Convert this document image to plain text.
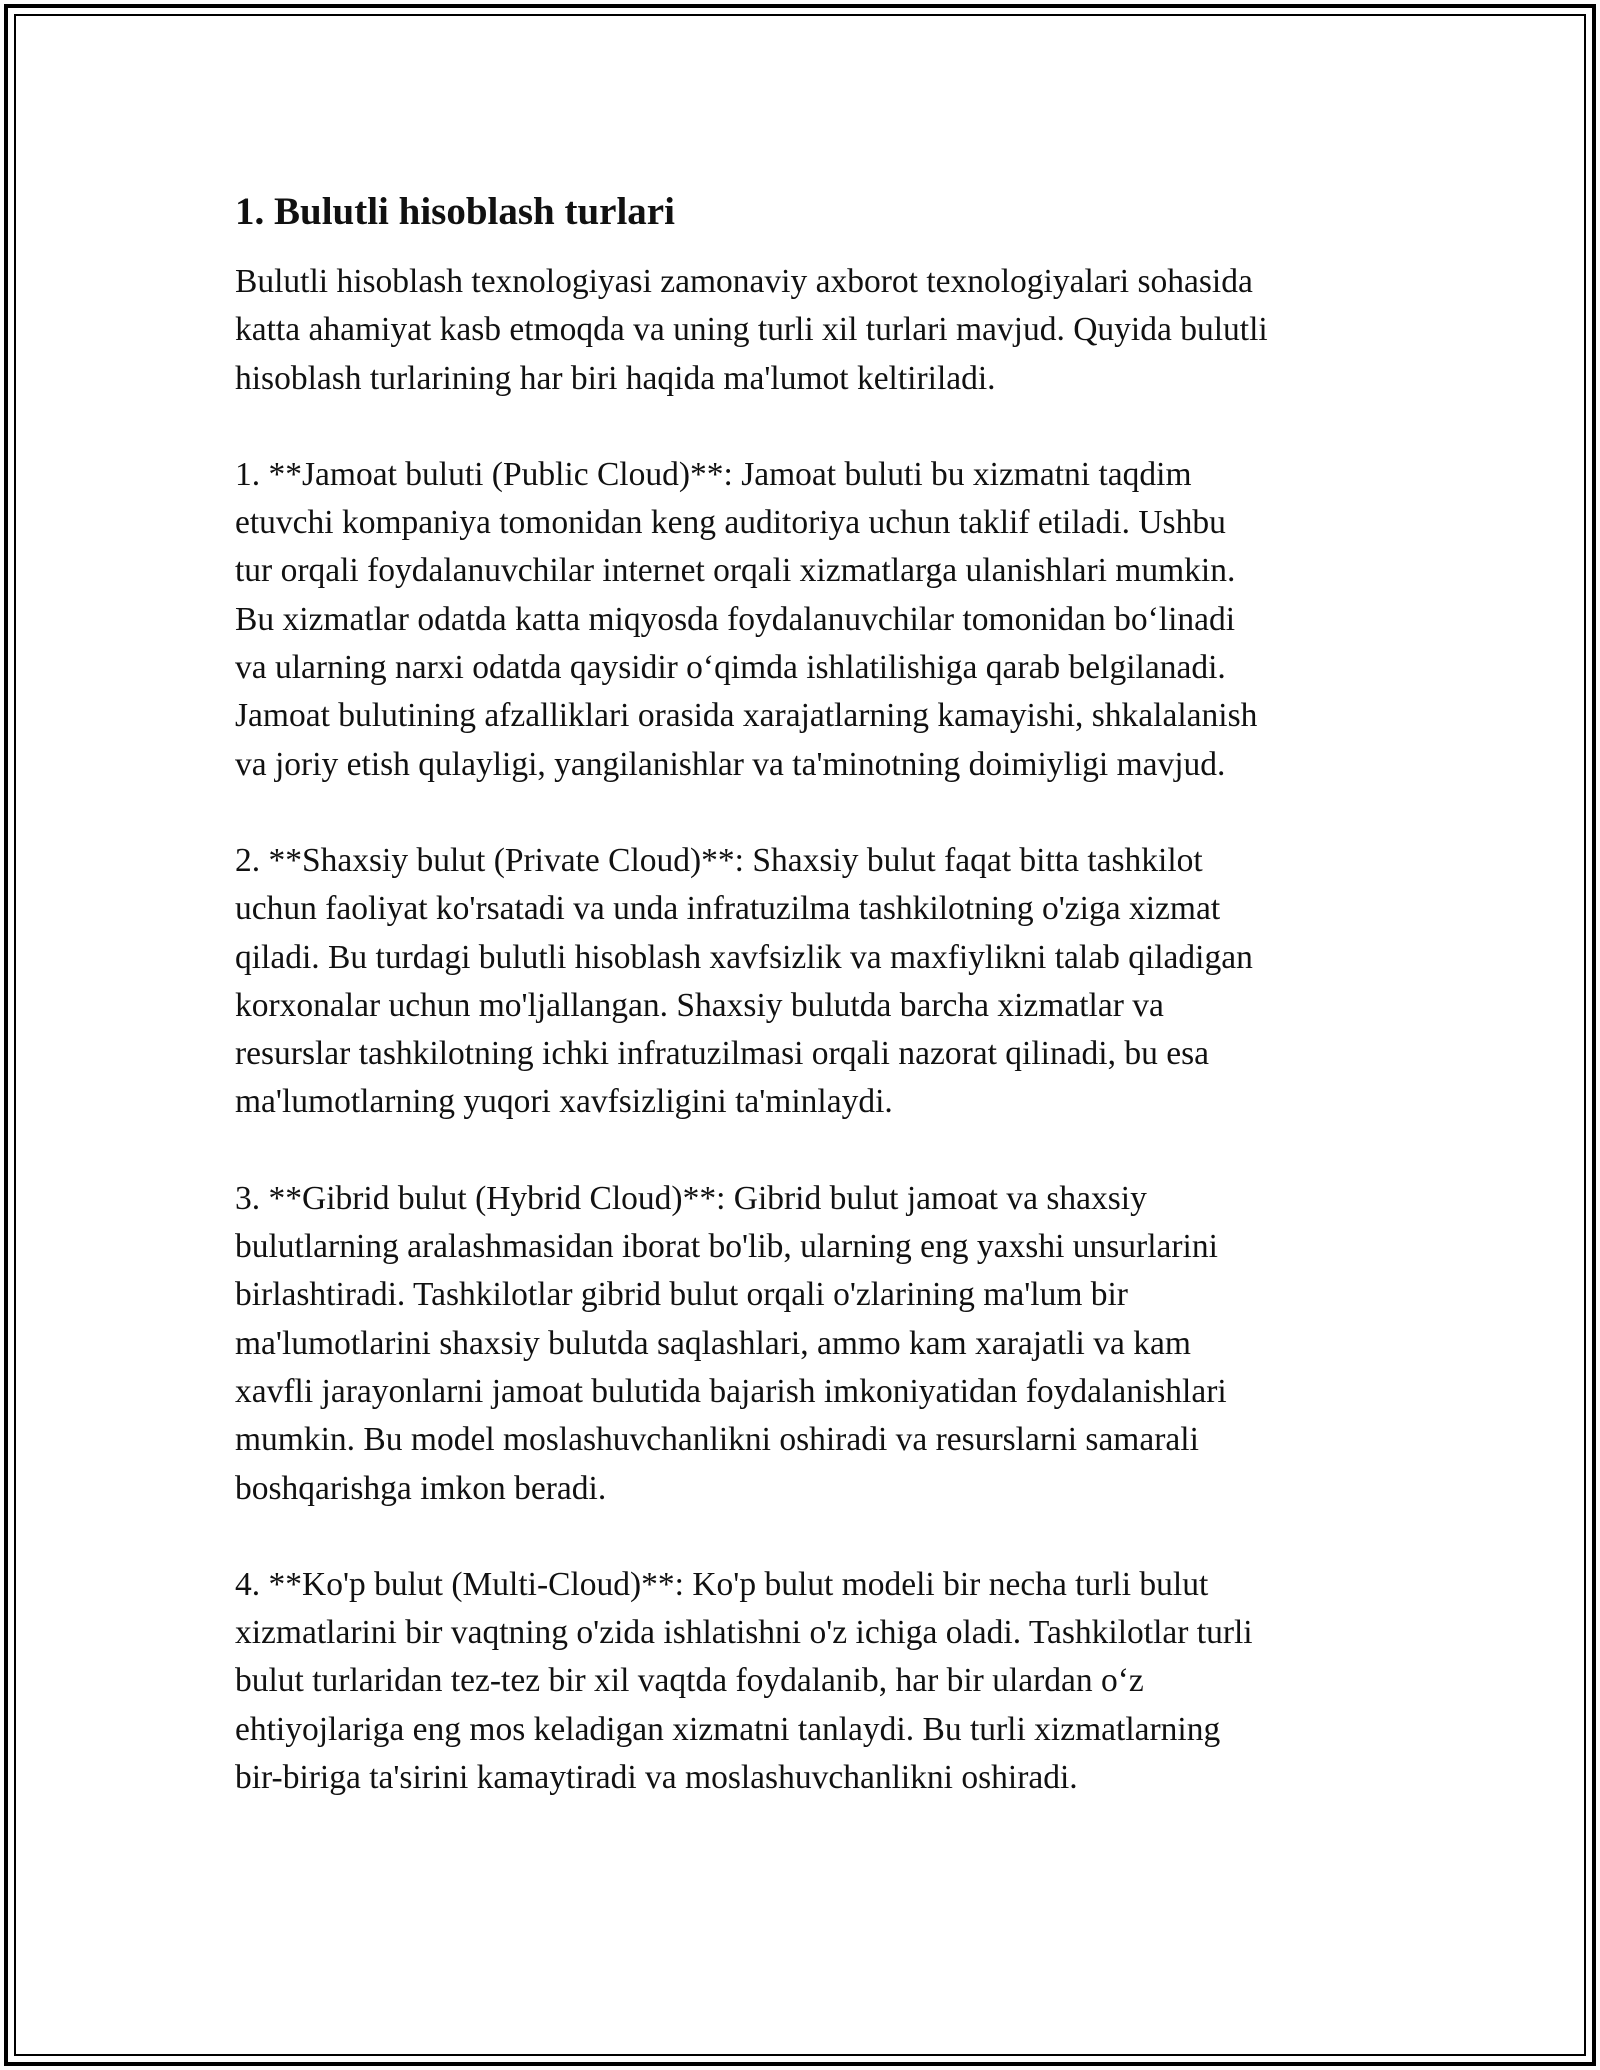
1. Bulutli hisoblash turlari

Bulutli hisoblash texnologiyasi zamonaviy axborot texnologiyalari sohasida
katta ahamiyat kasb etmoqda va uning turli xil turlari mavjud. Quyida bulutli
hisoblash turlarining har biri haqida ma'lumot keltiriladi.

1. **Jamoat buluti (Public Cloud)**: Jamoat buluti bu xizmatni taqdim
etuvchi kompaniya tomonidan keng auditoriya uchun taklif etiladi. Ushbu
tur orqali foydalanuvchilar internet orqali xizmatlarga ulanishlari mumkin.
Bu xizmatlar odatda katta miqyosda foydalanuvchilar tomonidan bo‘linadi
va ularning narxi odatda qaysidir o‘qimda ishlatilishiga qarab belgilanadi.
Jamoat bulutining afzalliklari orasida xarajatlarning kamayishi, shkalalanish
va joriy etish qulayligi, yangilanishlar va ta'minotning doimiyligi mavjud.

2. **Shaxsiy bulut (Private Cloud)**: Shaxsiy bulut faqat bitta tashkilot
uchun faoliyat ko'rsatadi va unda infratuzilma tashkilotning o'ziga xizmat
qiladi. Bu turdagi bulutli hisoblash xavfsizlik va maxfiylikni talab qiladigan
korxonalar uchun mo'ljallangan. Shaxsiy bulutda barcha xizmatlar va
resurslar tashkilotning ichki infratuzilmasi orqali nazorat qilinadi, bu esa
ma'lumotlarning yuqori xavfsizligini ta'minlaydi.

3. **Gibrid bulut (Hybrid Cloud)**: Gibrid bulut jamoat va shaxsiy
bulutlarning aralashmasidan iborat bo'lib, ularning eng yaxshi unsurlarini
birlashtiradi. Tashkilotlar gibrid bulut orqali o'zlarining ma'lum bir
ma'lumotlarini shaxsiy bulutda saqlashlari, ammo kam xarajatli va kam
xavfli jarayonlarni jamoat bulutida bajarish imkoniyatidan foydalanishlari
mumkin. Bu model moslashuvchanlikni oshiradi va resurslarni samarali
boshqarishga imkon beradi.

4. **Ko'p bulut (Multi-Cloud)**: Ko'p bulut modeli bir necha turli bulut
xizmatlarini bir vaqtning o'zida ishlatishni o'z ichiga oladi. Tashkilotlar turli
bulut turlaridan tez-tez bir xil vaqtda foydalanib, har bir ulardan o‘z
ehtiyojlariga eng mos keladigan xizmatni tanlaydi. Bu turli xizmatlarning
bir-biriga ta'sirini kamaytiradi va moslashuvchanlikni oshiradi.
